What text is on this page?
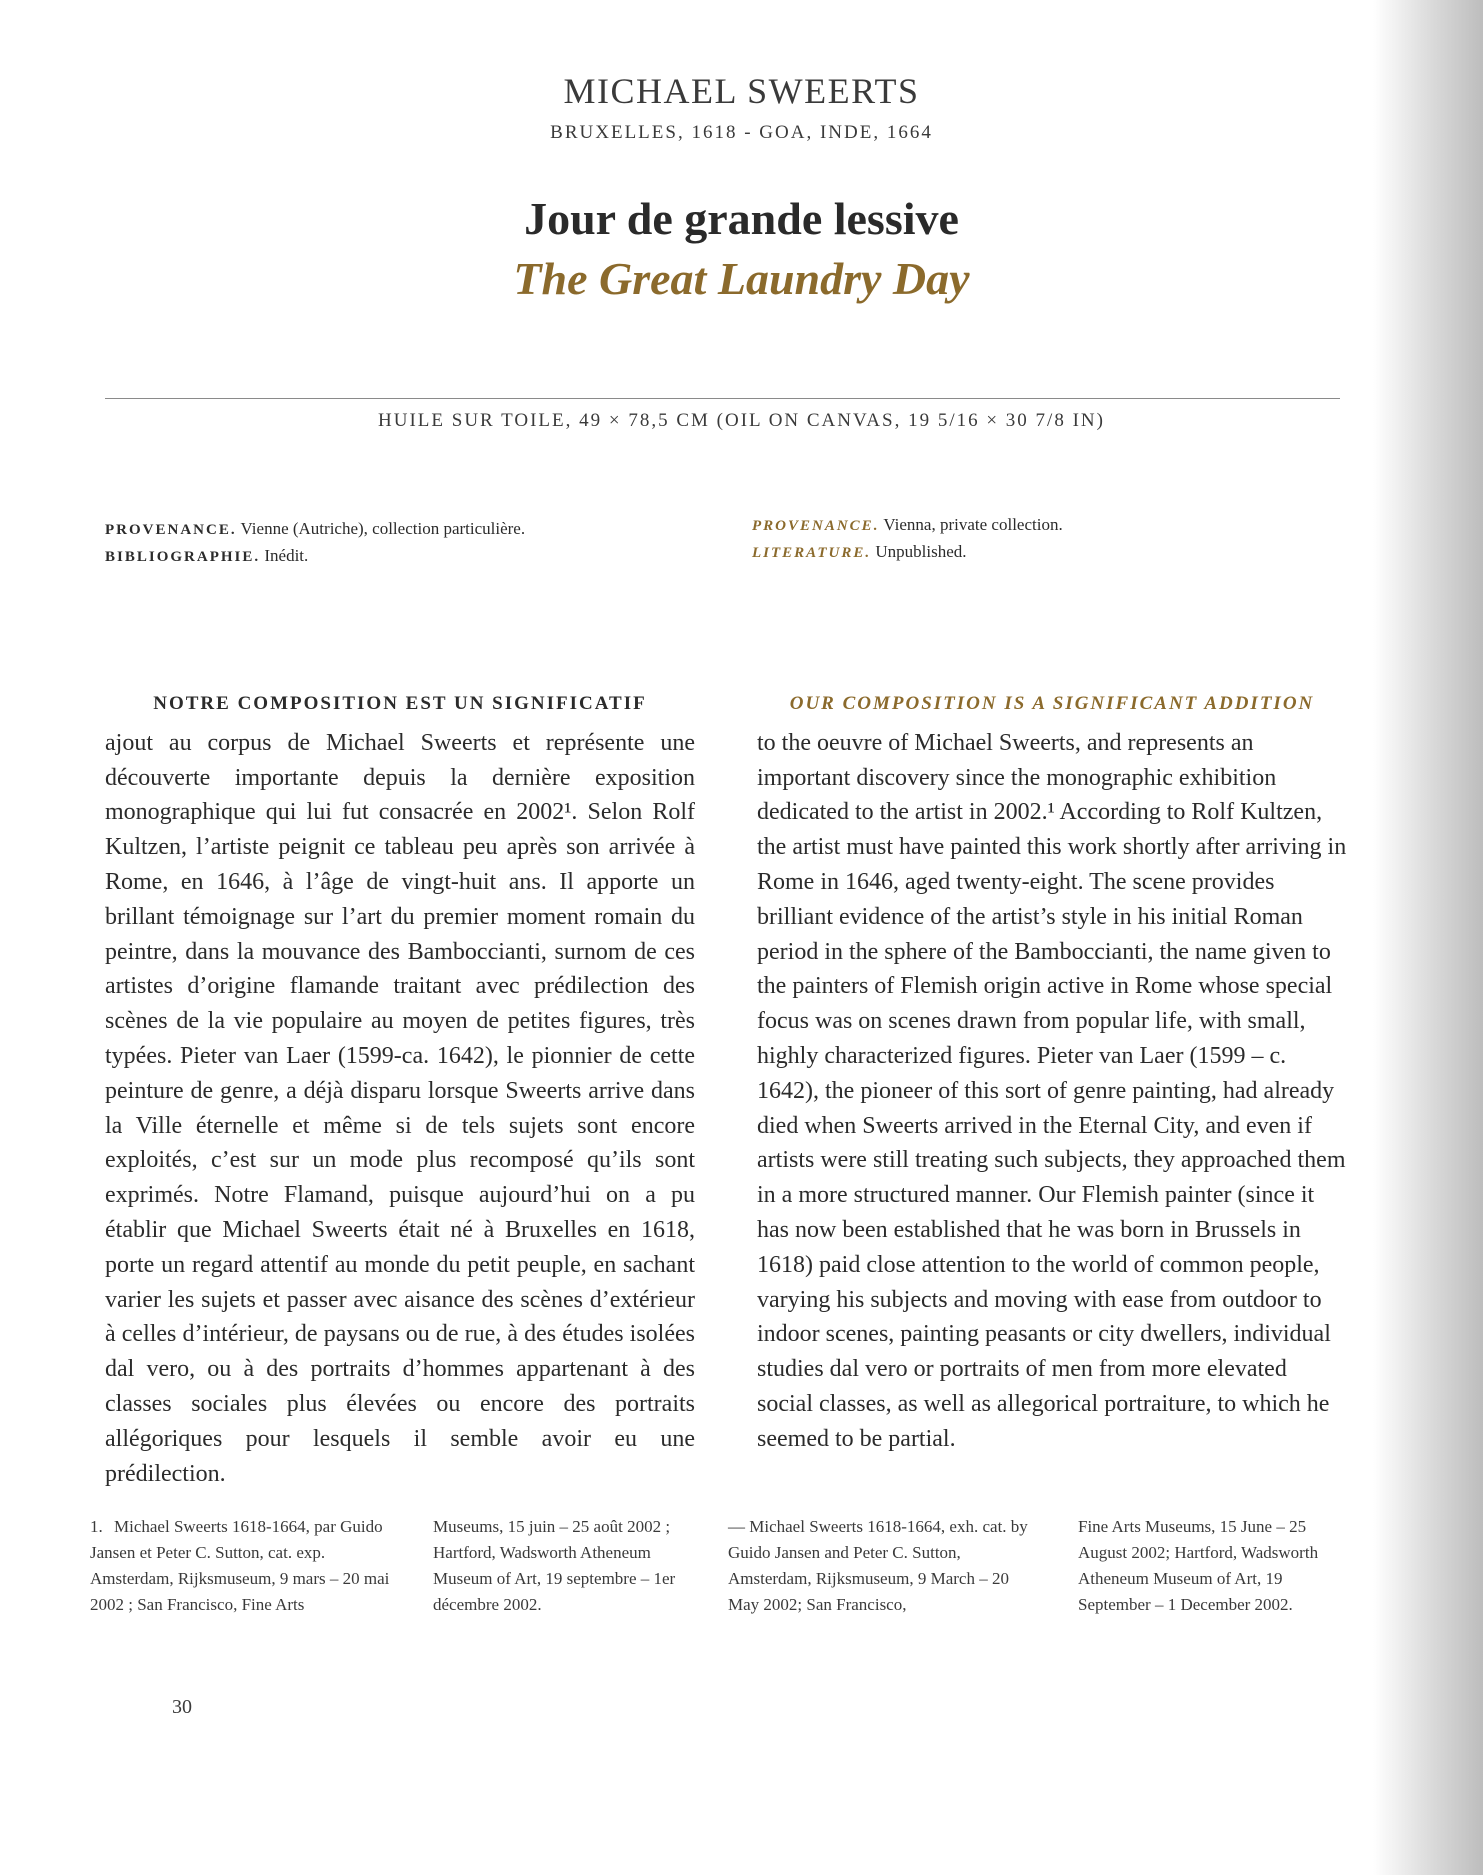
MICHAEL SWEERTS
BRUXELLES, 1618 - GOA, INDE, 1664
Jour de grande lessive
The Great Laundry Day
HUILE SUR TOILE, 49 × 78,5 CM (OIL ON CANVAS, 19 5/16 × 30 7/8 IN)
PROVENANCE. Vienne (Autriche), collection particulière.
BIBLIOGRAPHIE. Inédit.
PROVENANCE. Vienna, private collection.
LITERATURE. Unpublished.
NOTRE COMPOSITION EST UN SIGNIFICATIF
ajout au corpus de Michael Sweerts et représente une découverte importante depuis la dernière exposition monographique qui lui fut consacrée en 2002¹. Selon Rolf Kultzen, l’artiste peignit ce tableau peu après son arrivée à Rome, en 1646, à l’âge de vingt-huit ans. Il apporte un brillant témoignage sur l’art du premier moment romain du peintre, dans la mouvance des Bamboccianti, surnom de ces artistes d’origine flamande traitant avec prédilection des scènes de la vie populaire au moyen de petites figures, très typées. Pieter van Laer (1599-ca. 1642), le pionnier de cette peinture de genre, a déjà disparu lorsque Sweerts arrive dans la Ville éternelle et même si de tels sujets sont encore exploités, c’est sur un mode plus recomposé qu’ils sont exprimés. Notre Flamand, puisque aujourd’hui on a pu établir que Michael Sweerts était né à Bruxelles en 1618, porte un regard attentif au monde du petit peuple, en sachant varier les sujets et passer avec aisance des scènes d’extérieur à celles d’intérieur, de paysans ou de rue, à des études isolées dal vero, ou à des portraits d’hommes appartenant à des classes sociales plus élevées ou encore des portraits allégoriques pour lesquels il semble avoir eu une prédilection.
OUR COMPOSITION IS A SIGNIFICANT ADDITION
to the oeuvre of Michael Sweerts, and represents an important discovery since the monographic exhibition dedicated to the artist in 2002.¹ According to Rolf Kultzen, the artist must have painted this work shortly after arriving in Rome in 1646, aged twenty-eight. The scene provides brilliant evidence of the artist’s style in his initial Roman period in the sphere of the Bamboccianti, the name given to the painters of Flemish origin active in Rome whose special focus was on scenes drawn from popular life, with small, highly characterized figures. Pieter van Laer (1599 – c. 1642), the pioneer of this sort of genre painting, had already died when Sweerts arrived in the Eternal City, and even if artists were still treating such subjects, they approached them in a more structured manner. Our Flemish painter (since it has now been established that he was born in Brussels in 1618) paid close attention to the world of common people, varying his subjects and moving with ease from outdoor to indoor scenes, painting peasants or city dwellers, individual studies dal vero or portraits of men from more elevated social classes, as well as allegorical portraiture, to which he seemed to be partial.
1. Michael Sweerts 1618-1664, par Guido Jansen et Peter C. Sutton, cat. exp. Amsterdam, Rijksmuseum, 9 mars – 20 mai 2002 ; San Francisco, Fine Arts
Museums, 15 juin – 25 août 2002 ; Hartford, Wadsworth Atheneum Museum of Art, 19 septembre – 1er décembre 2002.
— Michael Sweerts 1618-1664, exh. cat. by Guido Jansen and Peter C. Sutton, Amsterdam, Rijksmuseum, 9 March – 20 May 2002; San Francisco,
Fine Arts Museums, 15 June – 25 August 2002; Hartford, Wadsworth Atheneum Museum of Art, 19 September – 1 December 2002.
30
